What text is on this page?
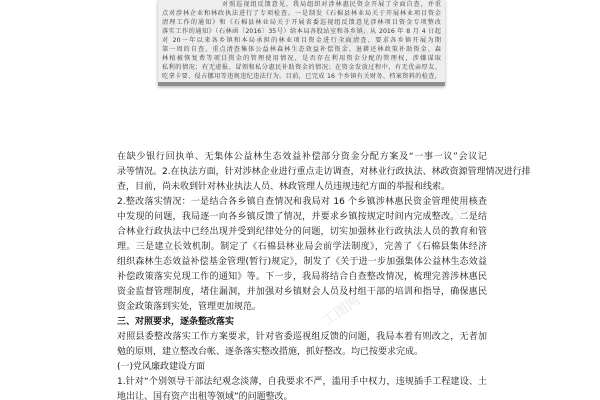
对照巡视组反馈意见，我局组织对涉林惠民资金开展了全面自查，并重
点对涉林企业和林政执法进行了专项检查。一是制发《石棉县林业局关于开展林业项目资金
清理工作的通知》和《石棉县林业局关于开展省委巡视组反馈意见涉林项目资金专项整改
落实工作的通知》（石林函〔2016〕35号）给本局各股站室和各乡镇，从 2016 年 8 月 4 日起
对 20一年以来各乡镇和本局承担的林业项目资金进行全面清查，要求各乡镇开展为期
第一周的自查，重点清查集体公益林森林生态效益补偿资金、退耕还林政策补助资金、森
林植被恢复费等项目资金的管理使用情况，是否存在利用资金分配的管理权，涉嫌谋取
私利的情况；有无虚报、冒领和私分惠民补助资金的情况；在资金发放过程中，有无优亲厚友、
吃拿卡要、侵占挪用等违规违纪违法行为。目前，已完成 16 个乡镇有关财务、档案资料的检查，
工图网
工图网
在缺少银行回执单、无集体公益林生态效益补偿部分资金分配方案及“一事一议”会议记
录等情况。2.在执法方面，针对涉林企业进行重点走访调查，对林业行政执法、林政资源管理情况进行排
查，目前，尚未收到针对林业执法人员、林政管理人员违规违纪方面的举报和线索。
2.整改落实情况：一是结合各乡镇自查情况和我局对 16 个乡镇涉林惠民资金管理使用核查
中发现的问题，我局逐一向各乡镇反馈了情况，并要求乡镇按规定时间内完成整改。二是结
合林业行政执法中已经出现并受到纪律处分的问题，切实加强林业行政执法人员的教育和管
理。三是建立长效机制。制定了《石棉县林业局会前学法制度》，完善了《石棉县集体经济
组织森林生态效益补偿基金管理(暂行)规定》，制发了《关于进一步加强集体公益林生态效益
补偿政策落实兑现工作的通知》等。下一步，我局将结合自查整改情况，梳理完善涉林惠民
资金监督管理制度，堵住漏洞，并加强对乡镇财会人员及村组干部的培训和指导，确保惠民
资金政策落到实处，管理更加规范。
三、对照要求，逐条整改落实
对照县委整改落实工作方案要求，针对省委巡视组反馈的问题，我局本着有则改之，无者加
勉的原则，建立整改台帐、逐条落实整改措施，抓好整改。均已按要求完成。
(一)党风廉政建设方面
1.针对“个别领导干部法纪观念淡薄，自我要求不严，滥用手中权力，违规插手工程建设、土
地出让、国有资产出租等领域”的问题整改。
工图网
工图网
工图网
